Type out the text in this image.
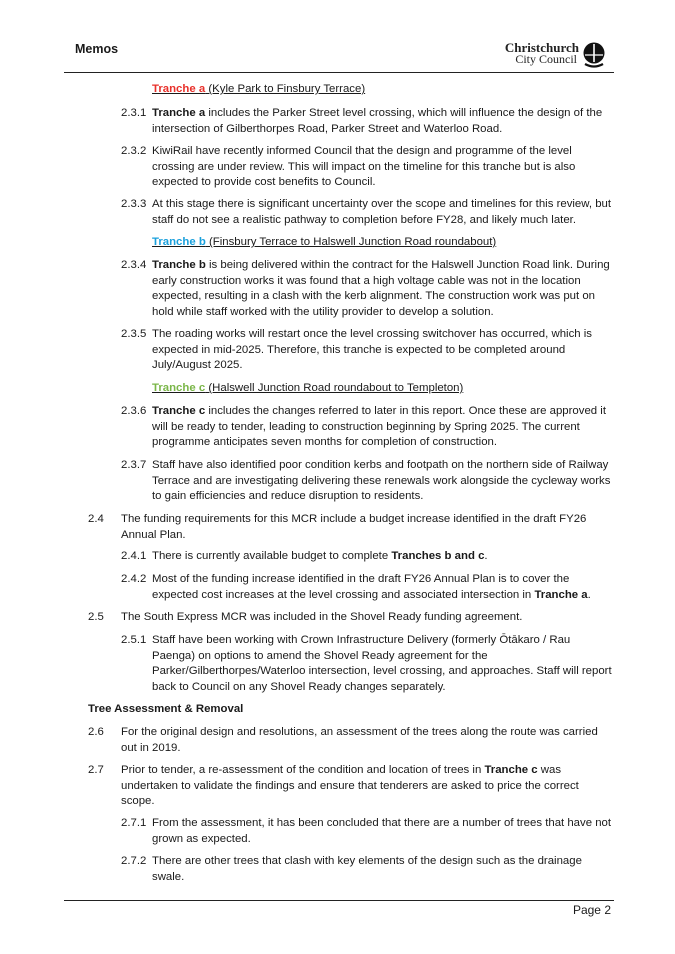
Memos	Christchurch
City Council
Tranche a (Kyle Park to Finsbury Terrace)
2.3.1 Tranche a includes the Parker Street level crossing, which will influence the design of the intersection of Gilberthorpes Road, Parker Street and Waterloo Road.
2.3.2 KiwiRail have recently informed Council that the design and programme of the level crossing are under review. This will impact on the timeline for this tranche but is also expected to provide cost benefits to Council.
2.3.3 At this stage there is significant uncertainty over the scope and timelines for this review, but staff do not see a realistic pathway to completion before FY28, and likely much later.
Tranche b (Finsbury Terrace to Halswell Junction Road roundabout)
2.3.4 Tranche b is being delivered within the contract for the Halswell Junction Road link. During early construction works it was found that a high voltage cable was not in the location expected, resulting in a clash with the kerb alignment. The construction work was put on hold while staff worked with the utility provider to develop a solution.
2.3.5 The roading works will restart once the level crossing switchover has occurred, which is expected in mid-2025. Therefore, this tranche is expected to be completed around July/August 2025.
Tranche c (Halswell Junction Road roundabout to Templeton)
2.3.6 Tranche c includes the changes referred to later in this report. Once these are approved it will be ready to tender, leading to construction beginning by Spring 2025. The current programme anticipates seven months for completion of construction.
2.3.7 Staff have also identified poor condition kerbs and footpath on the northern side of Railway Terrace and are investigating delivering these renewals work alongside the cycleway works to gain efficiencies and reduce disruption to residents.
2.4 The funding requirements for this MCR include a budget increase identified in the draft FY26 Annual Plan.
2.4.1 There is currently available budget to complete Tranches b and c.
2.4.2 Most of the funding increase identified in the draft FY26 Annual Plan is to cover the expected cost increases at the level crossing and associated intersection in Tranche a.
2.5 The South Express MCR was included in the Shovel Ready funding agreement.
2.5.1 Staff have been working with Crown Infrastructure Delivery (formerly Ōtākaro / Rau Paenga) on options to amend the Shovel Ready agreement for the Parker/Gilberthorpes/Waterloo intersection, level crossing, and approaches. Staff will report back to Council on any Shovel Ready changes separately.
Tree Assessment & Removal
2.6 For the original design and resolutions, an assessment of the trees along the route was carried out in 2019.
2.7 Prior to tender, a re-assessment of the condition and location of trees in Tranche c was undertaken to validate the findings and ensure that tenderers are asked to price the correct scope.
2.7.1 From the assessment, it has been concluded that there are a number of trees that have not grown as expected.
2.7.2 There are other trees that clash with key elements of the design such as the drainage swale.
Page 2
